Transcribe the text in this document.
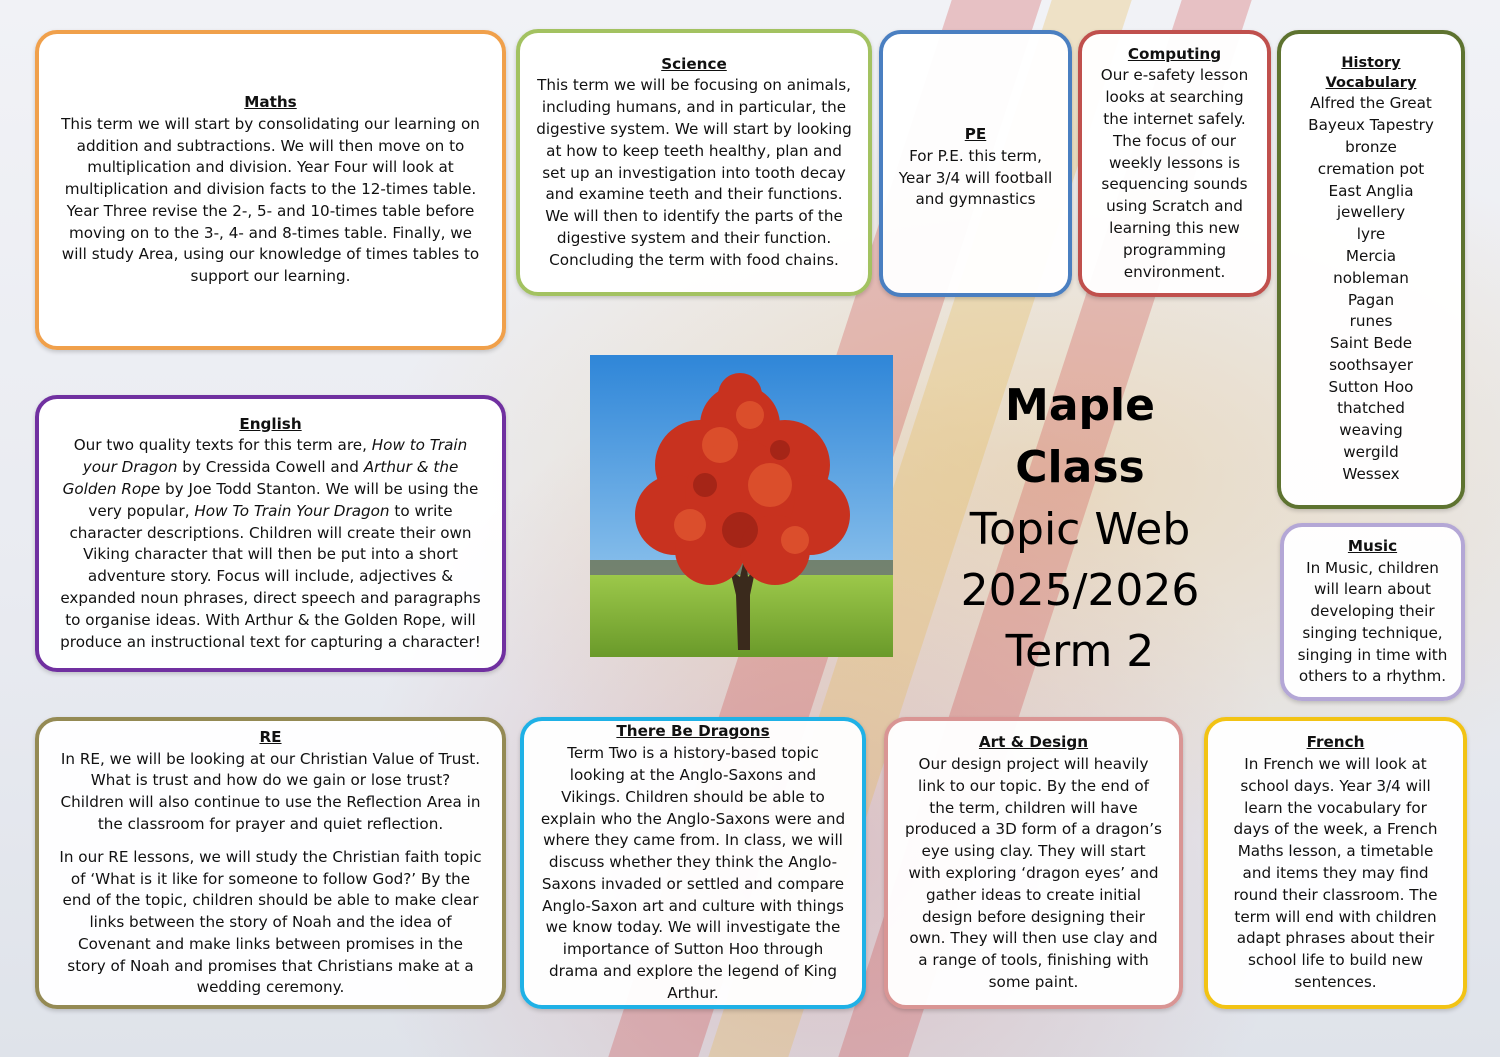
Maths

This term we will start by consolidating our learning on addition and subtractions. We will then move on to multiplication and division. Year Four will look at multiplication and division facts to the 12-times table. Year Three revise the 2-, 5- and 10-times table before moving on to the 3-, 4- and 8-times table. Finally, we will study Area, using our knowledge of times tables to support our learning.

Science

This term we will be focusing on animals, including humans, and in particular, the digestive system. We will start by looking at how to keep teeth healthy, plan and set up an investigation into tooth decay and examine teeth and their functions. We will then to identify the parts of the digestive system and their function. Concluding the term with food chains.

PE

For P.E. this term, Year 3/4 will football and gymnastics

Computing

Our e-safety lesson looks at searching the internet safely. The focus of our weekly lessons is sequencing sounds using Scratch and learning this new programming environment.

History
Vocabulary
Alfred the Great
Bayeux Tapestry
bronze
cremation pot
East Anglia
jewellery
lyre
Mercia
nobleman
Pagan
runes
Saint Bede
soothsayer
Sutton Hoo
thatched
weaving
wergild
Wessex
Maple Class
Topic Web
2025/2026
Term 2
English

Our two quality texts for this term are, How to Train your Dragon by Cressida Cowell and Arthur & the Golden Rope by Joe Todd Stanton. We will be using the very popular, How To Train Your Dragon to write character descriptions. Children will create their own Viking character that will then be put into a short adventure story. Focus will include, adjectives & expanded noun phrases, direct speech and paragraphs to organise ideas. With Arthur & the Golden Rope, will produce an instructional text for capturing a character!

Music

In Music, children will learn about developing their singing technique, singing in time with others to a rhythm.

RE

In RE, we will be looking at our Christian Value of Trust. What is trust and how do we gain or lose trust? Children will also continue to use the Reflection Area in the classroom for prayer and quiet reflection.

In our RE lessons, we will study the Christian faith topic of ‘What is it like for someone to follow God?’ By the end of the topic, children should be able to make clear links between the story of Noah and the idea of Covenant and make links between promises in the story of Noah and promises that Christians make at a wedding ceremony.

There Be Dragons

Term Two is a history-based topic looking at the Anglo-Saxons and Vikings. Children should be able to explain who the Anglo-Saxons were and where they came from. In class, we will discuss whether they think the Anglo-Saxons invaded or settled and compare Anglo-Saxon art and culture with things we know today. We will investigate the importance of Sutton Hoo through drama and explore the legend of King Arthur.

Art & Design

Our design project will heavily link to our topic. By the end of the term, children will have produced a 3D form of a dragon’s eye using clay. They will start with exploring ‘dragon eyes’ and gather ideas to create initial design before designing their own. They will then use clay and a range of tools, finishing with some paint.

French

In French we will look at school days. Year 3/4 will learn the vocabulary for days of the week, a French Maths lesson, a timetable and items they may find round their classroom. The term will end with children adapt phrases about their school life to build new sentences.
